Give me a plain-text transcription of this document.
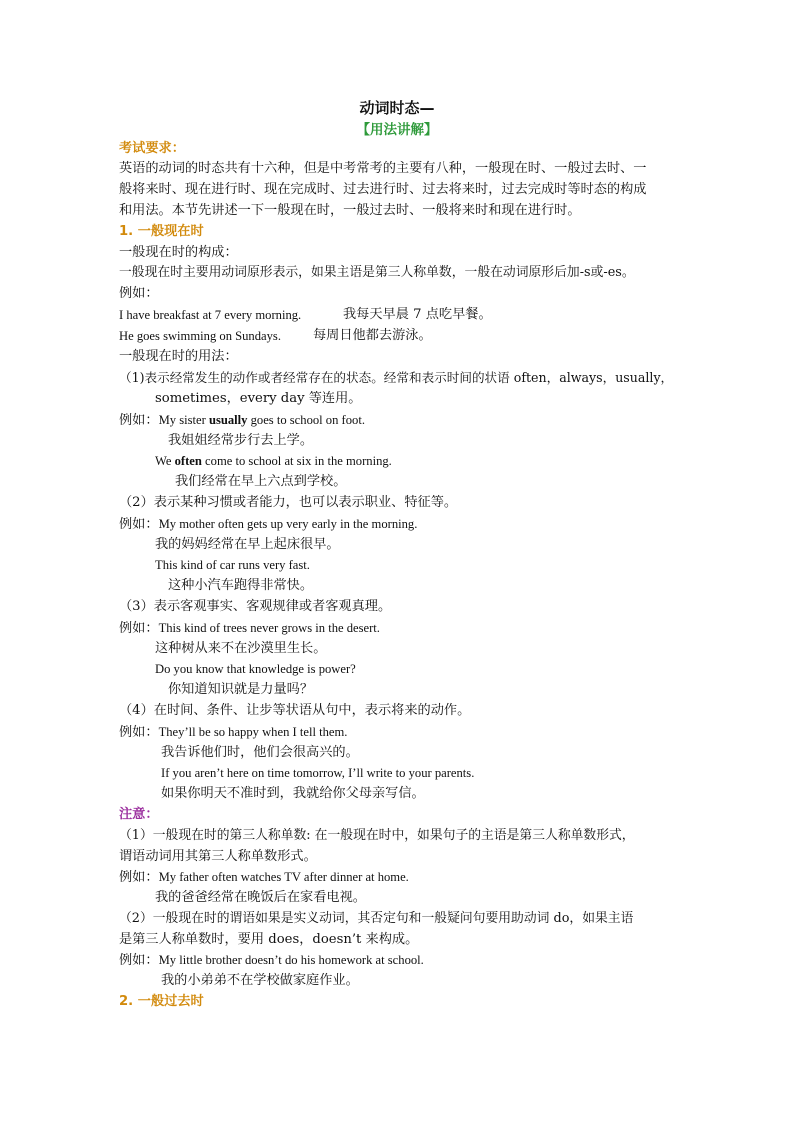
动词时态—
【用法讲解】
考试要求：
英语的动词的时态共有十六种，但是中考常考的主要有八种，一般现在时、一般过去时、一
般将来时、现在进行时、现在完成时、过去进行时、过去将来时，过去完成时等时态的构成
和用法。本节先讲述一下一般现在时，一般过去时、一般将来时和现在进行时。
1. 一般现在时
一般现在时的构成：
一般现在时主要用动词原形表示，如果主语是第三人称单数，一般在动词原形后加-s或-es。
例如：
I have breakfast at 7 every morning.	我每天早晨 7 点吃早餐。
He goes swimming on Sundays. 每周日他都去游泳。
一般现在时的用法：
（1)表示经常发生的动作或者经常存在的状态。经常和表示时间的状语 often，always，usually，
sometimes，every day 等连用。
例如：My sister usually goes to school on foot.
我姐姐经常步行去上学。
We often come to school at six in the morning.
我们经常在早上六点到学校。
（2）表示某种习惯或者能力，也可以表示职业、特征等。
例如：My mother often gets up very early in the morning.
我的妈妈经常在早上起床很早。
This kind of car runs very fast.
这种小汽车跑得非常快。
（3）表示客观事实、客观规律或者客观真理。
例如：This kind of trees never grows in the desert.
这种树从来不在沙漠里生长。
Do you know that knowledge is power?
你知道知识就是力量吗？
（4）在时间、条件、让步等状语从句中，表示将来的动作。
例如：They’ll be so happy when I tell them.
我告诉他们时，他们会很高兴的。
If you aren’t here on time tomorrow, I’ll write to your parents.
如果你明天不准时到，我就给你父母亲写信。
注意：
（1）一般现在时的第三人称单数: 在一般现在时中，如果句子的主语是第三人称单数形式，
谓语动词用其第三人称单数形式。
例如：My father often watches TV after dinner at home.
我的爸爸经常在晚饭后在家看电视。
（2）一般现在时的谓语如果是实义动词，其否定句和一般疑问句要用助动词 do，如果主语
是第三人称单数时，要用 does，doesn’t 来构成。
例如：My little brother doesn’t do his homework at school.
我的小弟弟不在学校做家庭作业。
2. 一般过去时
